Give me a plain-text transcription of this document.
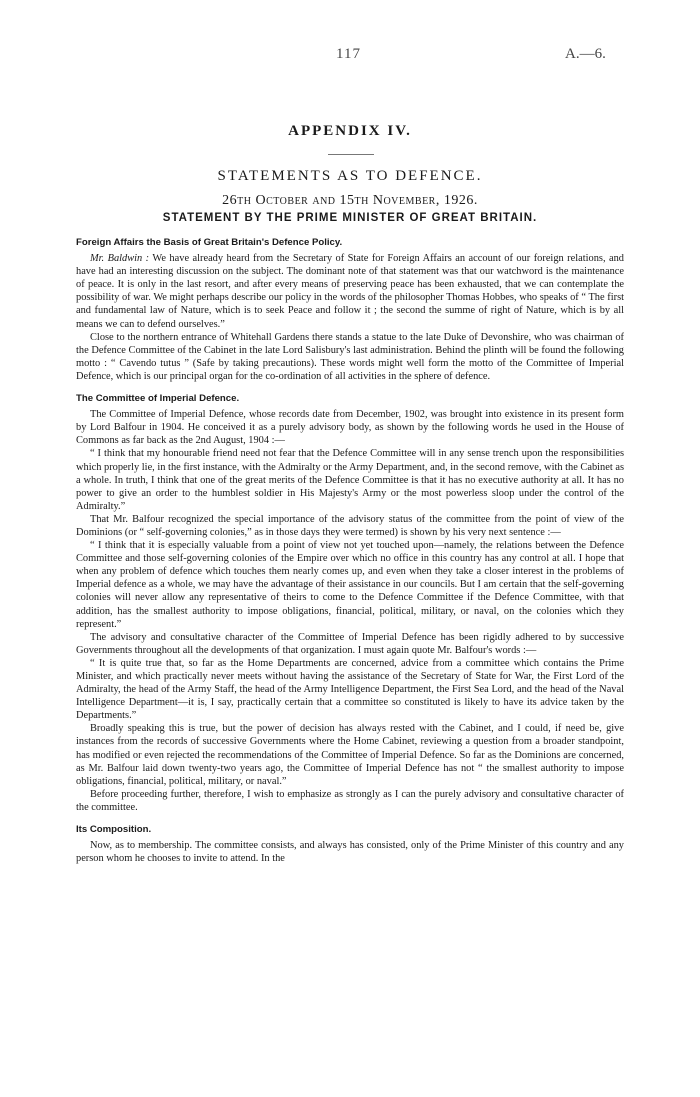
117	A.—6.
APPENDIX IV.
STATEMENTS AS TO DEFENCE.
26th October and 15th November, 1926.
STATEMENT BY THE PRIME MINISTER OF GREAT BRITAIN.
Foreign Affairs the Basis of Great Britain's Defence Policy.

Mr. Baldwin : We have already heard from the Secretary of State for Foreign Affairs an account of our foreign relations, and have had an interesting discussion on the subject. The dominant note of that statement was that our watchword is the maintenance of peace. It is only in the last resort, and after every means of preserving peace has been exhausted, that we can contemplate the possibility of war. We might perhaps describe our policy in the words of the philosopher Thomas Hobbes, who speaks of “ The first and fundamental law of Nature, which is to seek Peace and follow it ; the second the summe of right of Nature, which is by all means we can to defend ourselves.”

Close to the northern entrance of Whitehall Gardens there stands a statue to the late Duke of Devonshire, who was chairman of the Defence Committee of the Cabinet in the late Lord Salisbury's last administration. Behind the plinth will be found the following motto : “ Cavendo tutus ” (Safe by taking precautions). These words might well form the motto of the Committee of Imperial Defence, which is our principal organ for the co-ordination of all activities in the sphere of defence.

The Committee of Imperial Defence.

The Committee of Imperial Defence, whose records date from December, 1902, was brought into existence in its present form by Lord Balfour in 1904. He conceived it as a purely advisory body, as shown by the following words he used in the House of Commons as far back as the 2nd August, 1904 :—

“ I think that my honourable friend need not fear that the Defence Committee will in any sense trench upon the responsibilities which properly lie, in the first instance, with the Admiralty or the Army Department, and, in the second remove, with the Cabinet as a whole. In truth, I think that one of the great merits of the Defence Committee is that it has no executive authority at all. It has no power to give an order to the humblest soldier in His Majesty's Army or the most powerless sloop under the control of the Admiralty.”

That Mr. Balfour recognized the special importance of the advisory status of the committee from the point of view of the Dominions (or “ self-governing colonies,” as in those days they were termed) is shown by his very next sentence :—

“ I think that it is especially valuable from a point of view not yet touched upon—namely, the relations between the Defence Committee and those self-governing colonies of the Empire over which no office in this country has any control at all. I hope that when any problem of defence which touches them nearly comes up, and even when they take a closer interest in the problems of Imperial defence as a whole, we may have the advantage of their assistance in our councils. But I am certain that the self-governing colonies will never allow any representative of theirs to come to the Defence Committee if the Defence Committee, with that addition, has the smallest authority to impose obligations, financial, political, military, or naval, on the colonies which they represent.”

The advisory and consultative character of the Committee of Imperial Defence has been rigidly adhered to by successive Governments throughout all the developments of that organization. I must again quote Mr. Balfour's words :—

“ It is quite true that, so far as the Home Departments are concerned, advice from a committee which contains the Prime Minister, and which practically never meets without having the assistance of the Secretary of State for War, the First Lord of the Admiralty, the head of the Army Staff, the head of the Army Intelligence Department, the First Sea Lord, and the head of the Naval Intelligence Department—it is, I say, practically certain that a committee so constituted is likely to have its advice taken by the Departments.”

Broadly speaking this is true, but the power of decision has always rested with the Cabinet, and I could, if need be, give instances from the records of successive Governments where the Home Cabinet, reviewing a question from a broader standpoint, has modified or even rejected the recommendations of the Committee of Imperial Defence. So far as the Dominions are concerned, as Mr. Balfour laid down twenty-two years ago, the Committee of Imperial Defence has not “ the smallest authority to impose obligations, financial, political, military, or naval.”

Before proceeding further, therefore, I wish to emphasize as strongly as I can the purely advisory and consultative character of the committee.

Its Composition.

Now, as to membership. The committee consists, and always has consisted, only of the Prime Minister of this country and any person whom he chooses to invite to attend. In the
